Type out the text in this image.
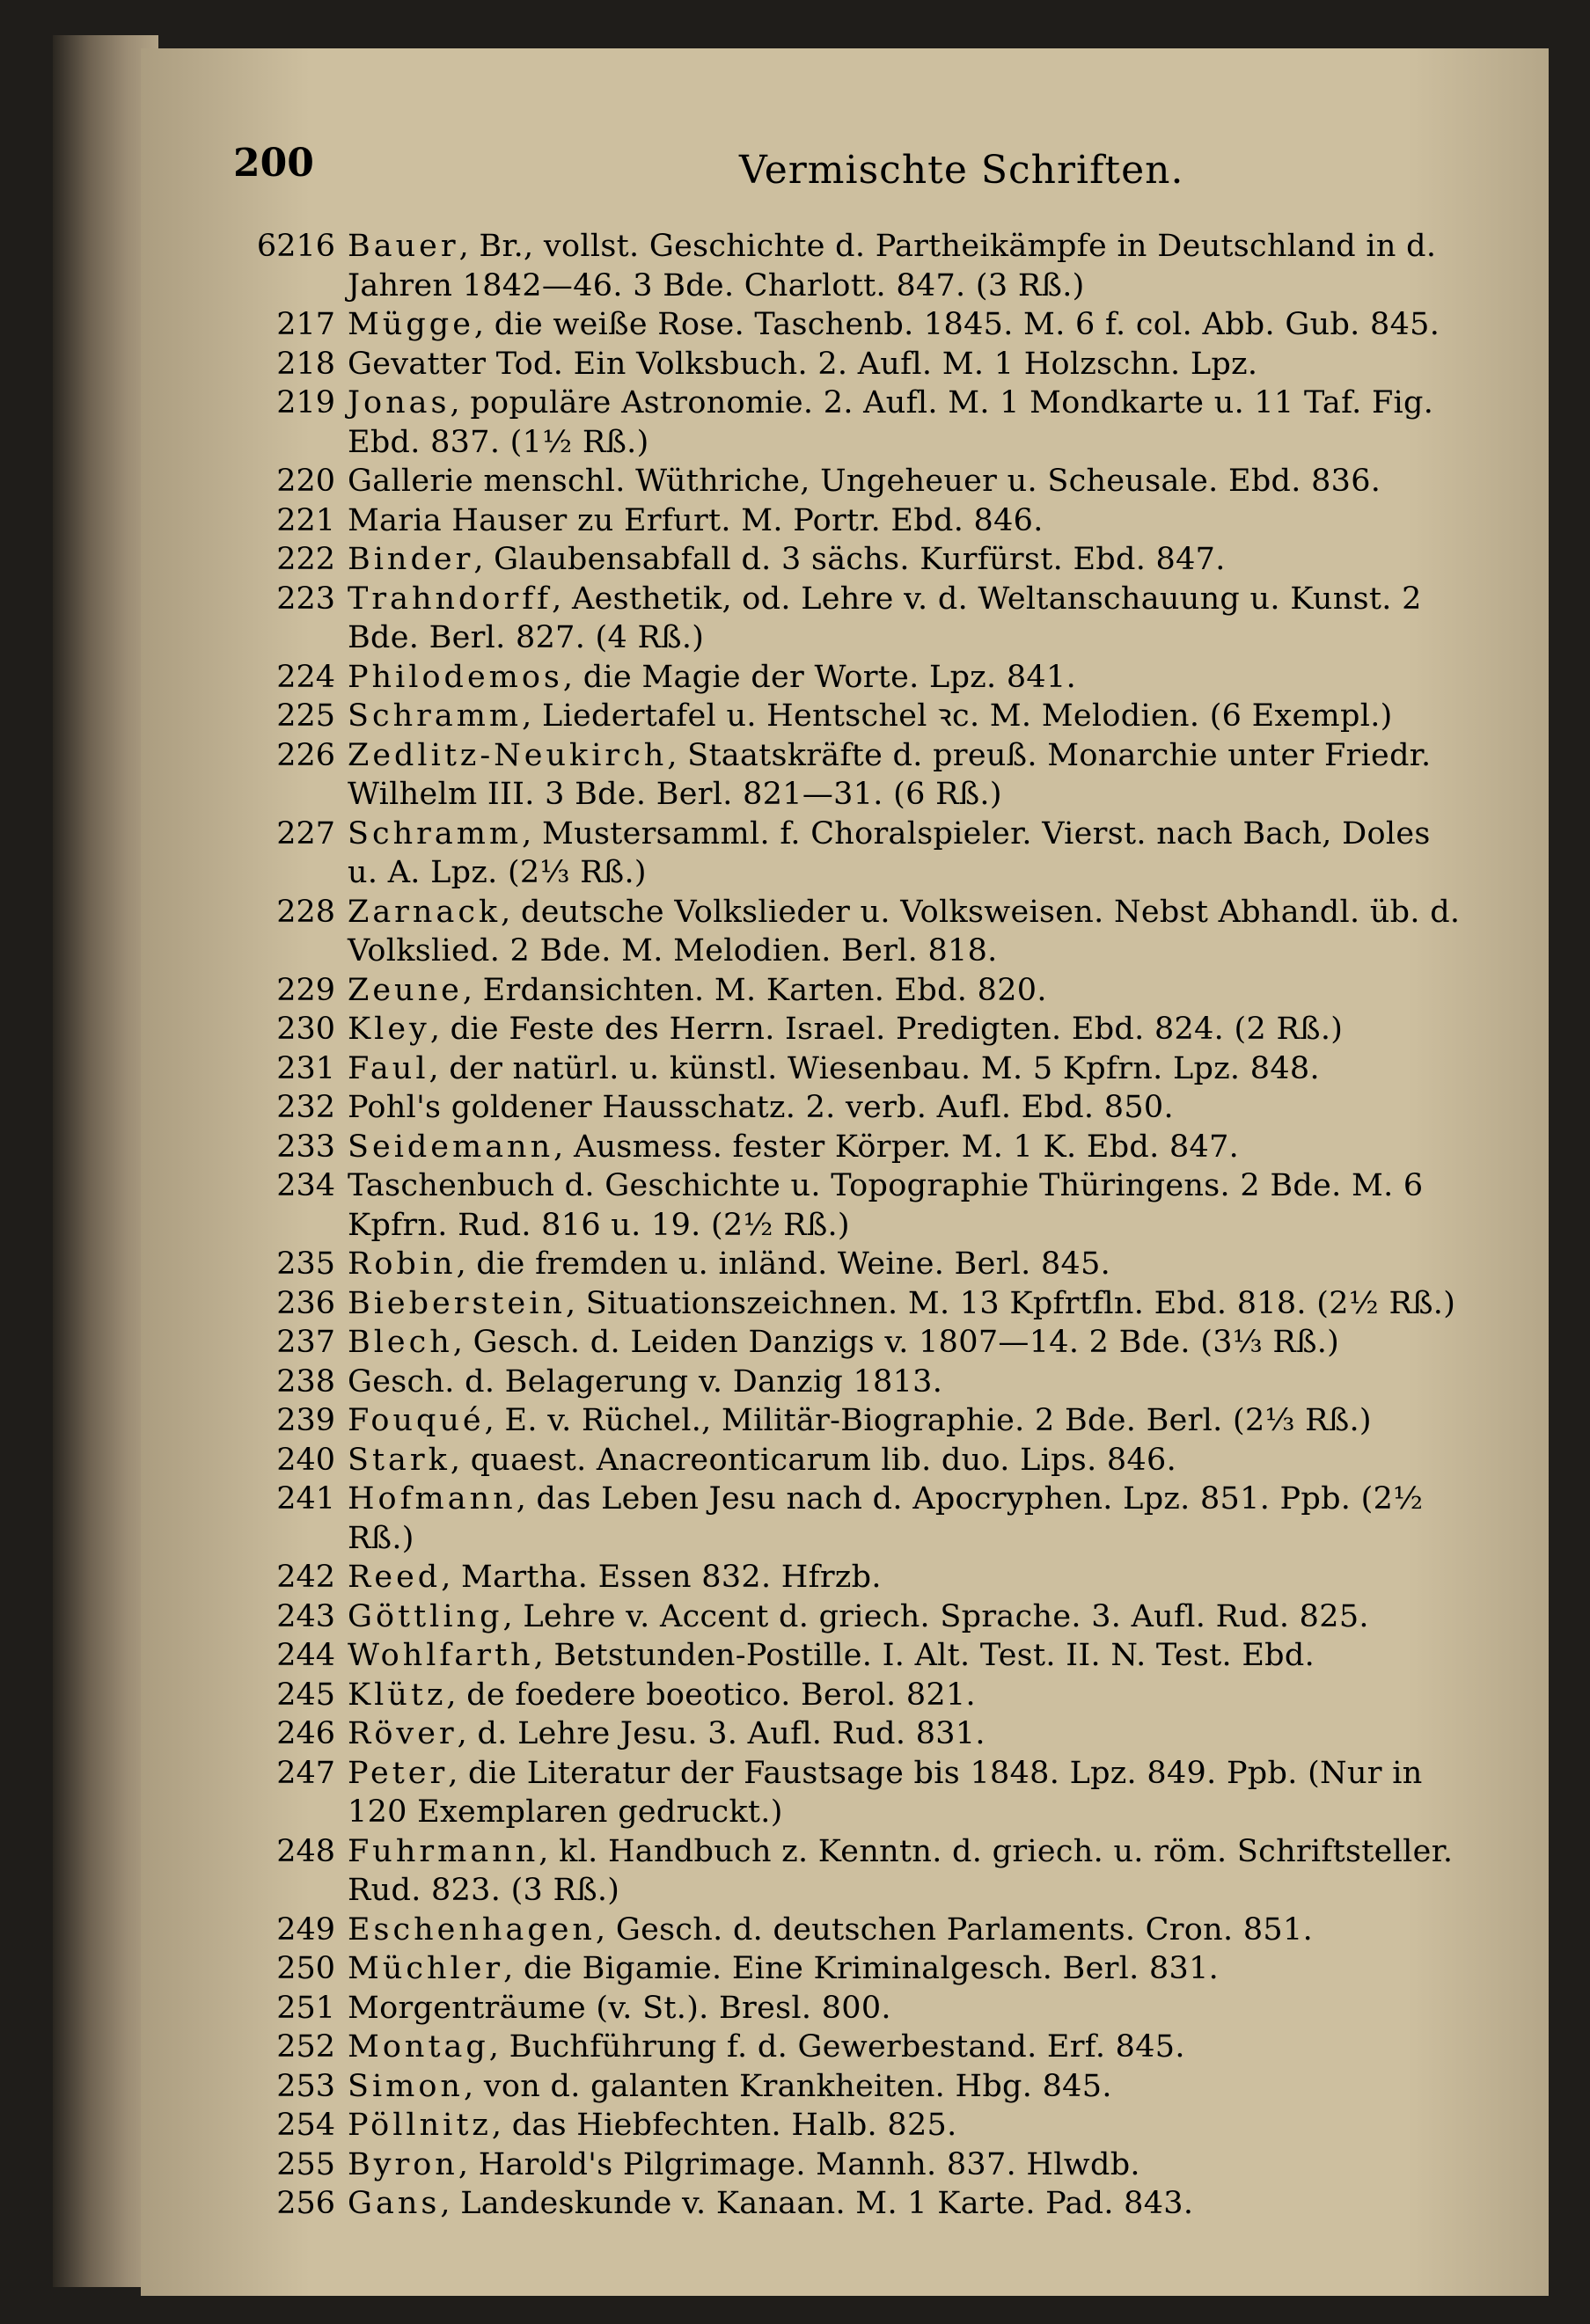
200	Vermischte Schriften.
6216 Bauer, Br., vollst. Geschichte d. Partheikämpfe in Deutschland in d. Jahren 1842—46. 3 Bde. Charlott. 847. (3 Rß.)
217 Mügge, die weiße Rose. Taschenb. 1845. M. 6 f. col. Abb. Gub. 845.
218 Gevatter Tod. Ein Volksbuch. 2. Aufl. M. 1 Holzschn. Lpz.
219 Jonas, populäre Astronomie. 2. Aufl. M. 1 Mondkarte u. 11 Taf. Fig. Ebd. 837. (1½ Rß.)
220 Gallerie menschl. Wüthriche, Ungeheuer u. Scheusale. Ebd. 836.
221 Maria Hauser zu Erfurt. M. Portr. Ebd. 846.
222 Binder, Glaubensabfall d. 3 sächs. Kurfürst. Ebd. 847.
223 Trahndorff, Aesthetik, od. Lehre v. d. Weltanschauung u. Kunst. 2 Bde. Berl. 827. (4 Rß.)
224 Philodemos, die Magie der Worte. Lpz. 841.
225 Schramm, Liedertafel u. Hentschel ꝛc. M. Melodien. (6 Exempl.)
226 Zedlitz-Neukirch, Staatskräfte d. preuß. Monarchie unter Friedr. Wilhelm III. 3 Bde. Berl. 821—31. (6 Rß.)
227 Schramm, Mustersamml. f. Choralspieler. Vierst. nach Bach, Doles u. A. Lpz. (2⅓ Rß.)
228 Zarnack, deutsche Volkslieder u. Volksweisen. Nebst Abhandl. üb. d. Volkslied. 2 Bde. M. Melodien. Berl. 818.
229 Zeune, Erdansichten. M. Karten. Ebd. 820.
230 Kley, die Feste des Herrn. Israel. Predigten. Ebd. 824. (2 Rß.)
231 Faul, der natürl. u. künstl. Wiesenbau. M. 5 Kpfrn. Lpz. 848.
232 Pohl's goldener Hausschatz. 2. verb. Aufl. Ebd. 850.
233 Seidemann, Ausmess. fester Körper. M. 1 K. Ebd. 847.
234 Taschenbuch d. Geschichte u. Topographie Thüringens. 2 Bde. M. 6 Kpfrn. Rud. 816 u. 19. (2½ Rß.)
235 Robin, die fremden u. inländ. Weine. Berl. 845.
236 Bieberstein, Situationszeichnen. M. 13 Kpfrtfln. Ebd. 818. (2½ Rß.)
237 Blech, Gesch. d. Leiden Danzigs v. 1807—14. 2 Bde. (3⅓ Rß.)
238 Gesch. d. Belagerung v. Danzig 1813.
239 Fouqué, E. v. Rüchel., Militär-Biographie. 2 Bde. Berl. (2⅓ Rß.)
240 Stark, quaest. Anacreonticarum lib. duo. Lips. 846.
241 Hofmann, das Leben Jesu nach d. Apocryphen. Lpz. 851. Ppb. (2½ Rß.)
242 Reed, Martha. Essen 832. Hfrzb.
243 Göttling, Lehre v. Accent d. griech. Sprache. 3. Aufl. Rud. 825.
244 Wohlfarth, Betstunden-Postille. I. Alt. Test. II. N. Test. Ebd.
245 Klütz, de foedere boeotico. Berol. 821.
246 Röver, d. Lehre Jesu. 3. Aufl. Rud. 831.
247 Peter, die Literatur der Faustsage bis 1848. Lpz. 849. Ppb. (Nur in 120 Exemplaren gedruckt.)
248 Fuhrmann, kl. Handbuch z. Kenntn. d. griech. u. röm. Schriftsteller. Rud. 823. (3 Rß.)
249 Eschenhagen, Gesch. d. deutschen Parlaments. Cron. 851.
250 Müchler, die Bigamie. Eine Kriminalgesch. Berl. 831.
251 Morgenträume (v. St.). Bresl. 800.
252 Montag, Buchführung f. d. Gewerbestand. Erf. 845.
253 Simon, von d. galanten Krankheiten. Hbg. 845.
254 Pöllnitz, das Hiebfechten. Halb. 825.
255 Byron, Harold's Pilgrimage. Mannh. 837. Hlwdb.
256 Gans, Landeskunde v. Kanaan. M. 1 Karte. Pad. 843.
